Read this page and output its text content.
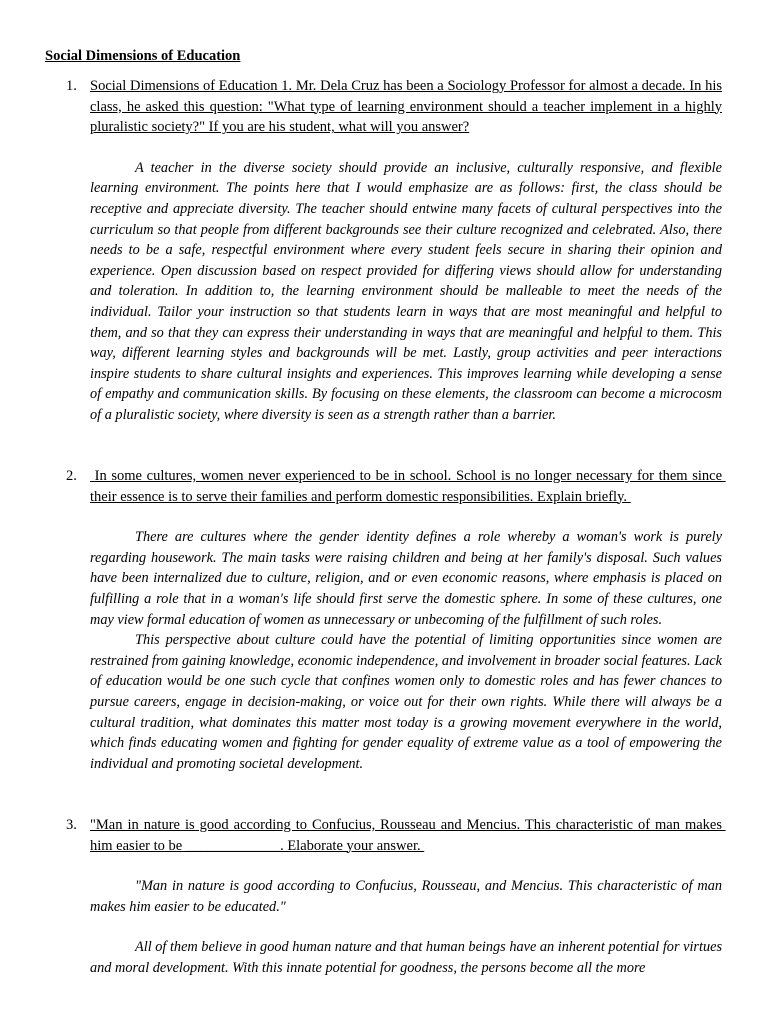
Social Dimensions of Education
1. Social Dimensions of Education 1. Mr. Dela Cruz has been a Sociology Professor for almost a decade. In his class, he asked this question: "What type of learning environment should a teacher implement in a highly pluralistic society?" If you are his student, what will you answer?

A teacher in the diverse society should provide an inclusive, culturally responsive, and flexible learning environment. The points here that I would emphasize are as follows: first, the class should be receptive and appreciate diversity. The teacher should entwine many facets of cultural perspectives into the curriculum so that people from different backgrounds see their culture recognized and celebrated. Also, there needs to be a safe, respectful environment where every student feels secure in sharing their opinion and experience. Open discussion based on respect provided for differing views should allow for understanding and toleration. In addition to, the learning environment should be malleable to meet the needs of the individual. Tailor your instruction so that students learn in ways that are most meaningful and helpful to them, and so that they can express their understanding in ways that are meaningful and helpful to them. This way, different learning styles and backgrounds will be met. Lastly, group activities and peer interactions inspire students to share cultural insights and experiences. This improves learning while developing a sense of empathy and communication skills. By focusing on these elements, the classroom can become a microcosm of a pluralistic society, where diversity is seen as a strength rather than a barrier.

2. In some cultures, women never experienced to be in school. School is no longer necessary for them since their essence is to serve their families and perform domestic responsibilities. Explain briefly.

There are cultures where the gender identity defines a role whereby a woman's work is purely regarding housework. The main tasks were raising children and being at her family's disposal. Such values have been internalized due to culture, religion, and or even economic reasons, where emphasis is placed on fulfilling a role that in a woman's life should first serve the domestic sphere. In some of these cultures, one may view formal education of women as unnecessary or unbecoming of the fulfillment of such roles.

This perspective about culture could have the potential of limiting opportunities since women are restrained from gaining knowledge, economic independence, and involvement in broader social features. Lack of education would be one such cycle that confines women only to domestic roles and has fewer chances to pursue careers, engage in decision-making, or voice out for their own rights. While there will always be a cultural tradition, what dominates this matter most today is a growing movement everywhere in the world, which finds educating women and fighting for gender equality of extreme value as a tool of empowering the individual and promoting societal development.

3. "Man in nature is good according to Confucius, Rousseau and Mencius. This characteristic of man makes him easier to be _____________. Elaborate your answer.

"Man in nature is good according to Confucius, Rousseau, and Mencius. This characteristic of man makes him easier to be educated."

All of them believe in good human nature and that human beings have an inherent potential for virtues and moral development. With this innate potential for goodness, the persons become all the more
